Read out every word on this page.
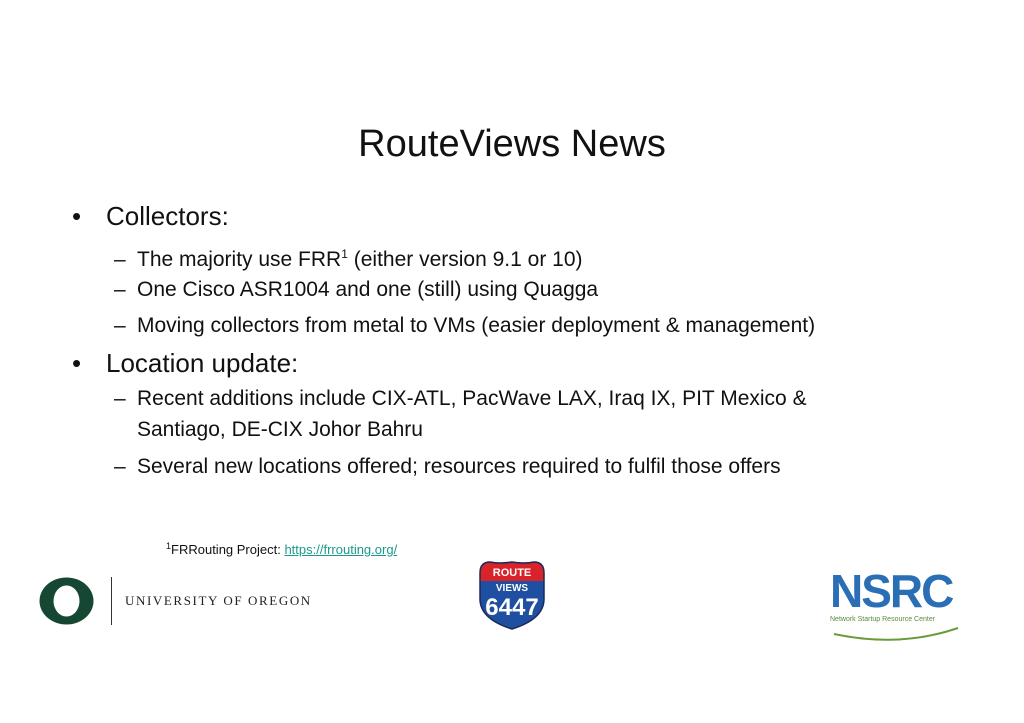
RouteViews News
• Collectors:
– The majority use FRR$^1$ (either version 9.1 or 10)
– One Cisco ASR1004 and one (still) using Quagga
– Moving collectors from metal to VMs (easier deployment & management)
• Location update:
– Recent additions include CIX-ATL, PacWave LAX, Iraq IX, PIT Mexico &
Santiago, DE-CIX Johor Bahru
– Several new locations offered; resources required to fulfil those offers
$^1$FRRouting Project: https://frrouting.org/
UNIVERSITY OF OREGON
ROUTE
VIEWS
6447	NSRC
Network Startup Resource Center
